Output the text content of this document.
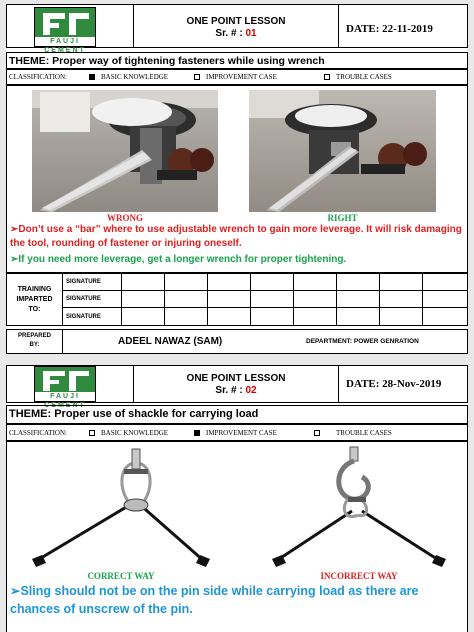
FAUJI CEMENT
ONE POINT LESSON
Sr. # : 01	DATE: 22-11-2019
THEME: Proper way of tightening fasteners while using wrench
CLASSIFICATION:	BASIC KNOWLEDGE	IMPROVEMENT CASE	TROUBLE CASES
WRONG	RIGHT
➢Don’t use a “bar” where to use adjustable wrench to gain more leverage. It will risk damaging the tool, rounding of fastener or injuring oneself.
➢If you need more leverage, get a longer wrench for proper tightening.
TRAINING
IMPARTED
TO:
SIGNATURE
SIGNATURE
SIGNATURE
PREPARED
BY:	ADEEL NAWAZ (SAM)	DEPARTMENT: POWER GENRATION
FAUJI CEMENT
ONE POINT LESSON
Sr. # : 02
DATE: 28-Nov-2019
THEME: Proper use of shackle for carrying load
CLASSIFICATION:	BASIC KNOWLEDGE	IMPROVEMENT CASE	TROUBLE CASES
CORRECT WAY	INCORRECT WAY
➢Sling should not be on the pin side while carrying load as there are chances of unscrew of the pin.
